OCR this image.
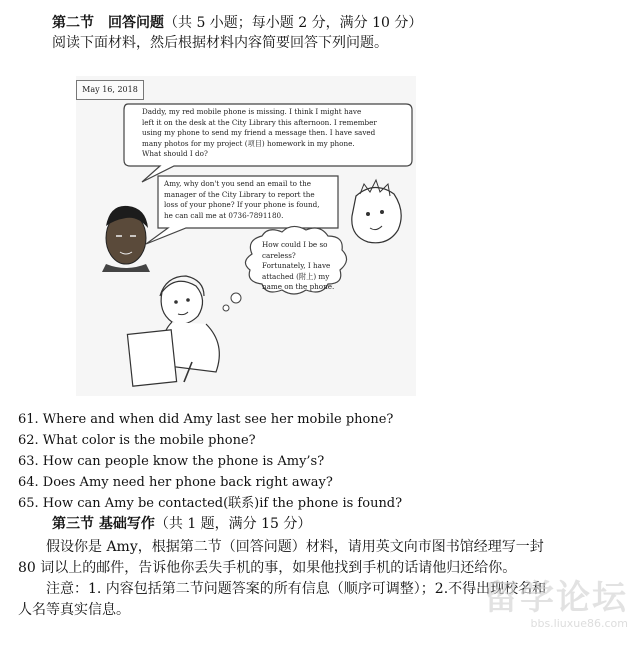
第二节　回答问题（共 5 小题；每小题 2 分，满分 10 分）
阅读下面材料，然后根据材料内容简要回答下列问题。
May 16, 2018
Daddy, my red mobile phone is missing. I think I might have
left it on the desk at the City Library this afternoon. I remember
using my phone to send my friend a message then. I have saved
many photos for my project (项目) homework in my phone.
What should I do?
Amy, why don't you send an email to the
manager of the City Library to report the
loss of your phone? If your phone is found,
he can call me at 0736-7891180.
How could I be so
careless?
Fortunately, I have
attached (附上) my
name on the phone.
61. Where and when did Amy last see her mobile phone?
62. What color is the mobile phone?
63. How can people know the phone is Amy’s?
64. Does Amy need her phone back right away?
65. How can Amy be contacted(联系)if the phone is found?
第三节 基础写作（共 1 题，满分 15 分）
假设你是 Amy，根据第二节（回答问题）材料，请用英文向市图书馆经理写一封
80 词以上的邮件，告诉他你丢失手机的事，如果他找到手机的话请他归还给你。
注意：1. 内容包括第二节问题答案的所有信息（顺序可调整）；2.不得出现校名和
人名等真实信息。	留学论坛
bbs.liuxue86.com
